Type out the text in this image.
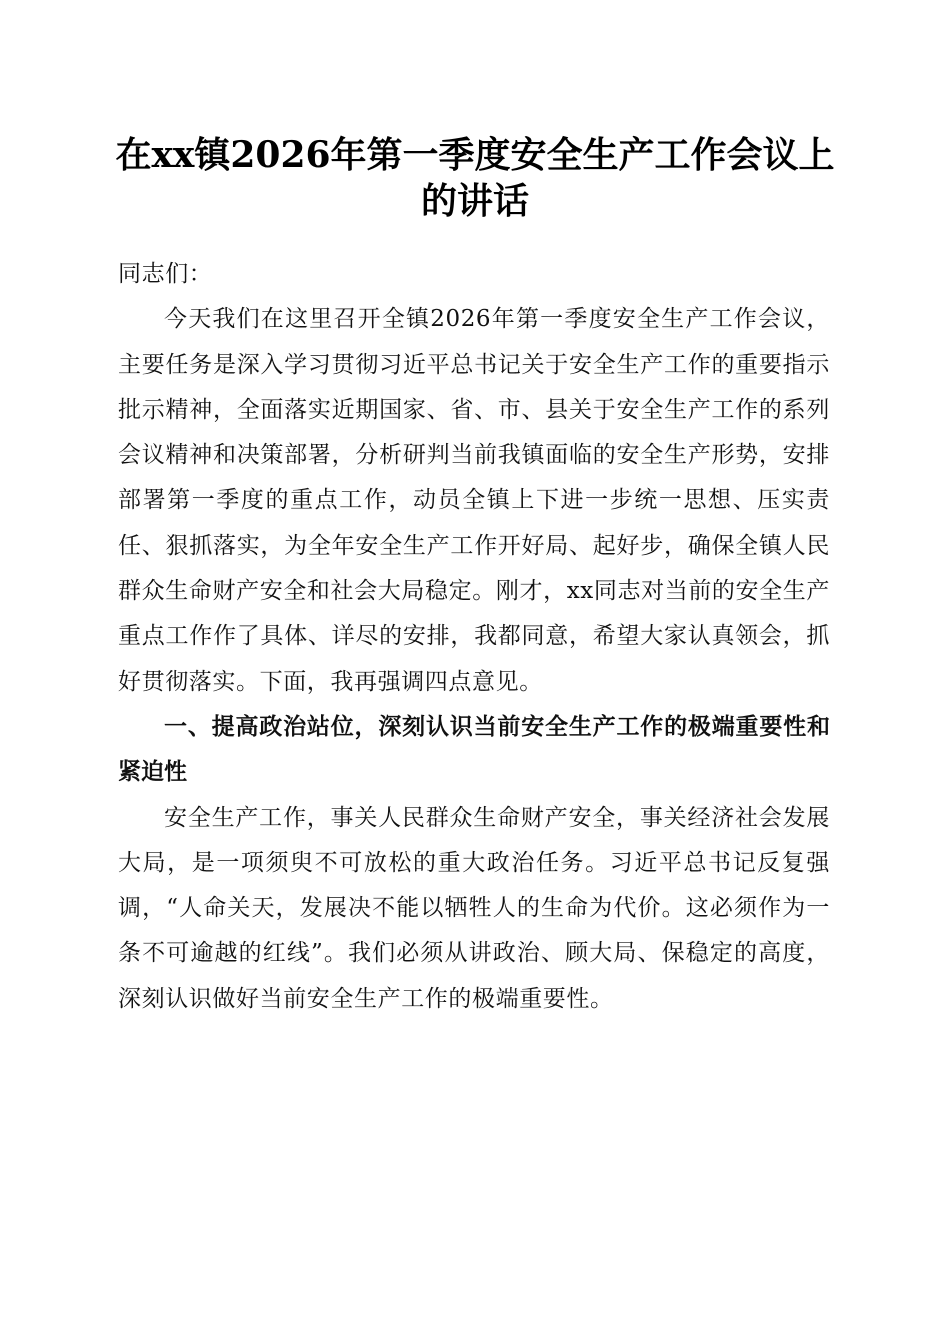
在xx镇2026年第一季度安全生产工作会议上的讲话

同志们：

今天我们在这里召开全镇2026年第一季度安全生产工作会议，主要任务是深入学习贯彻习近平总书记关于安全生产工作的重要指示批示精神，全面落实近期国家、省、市、县关于安全生产工作的系列会议精神和决策部署，分析研判当前我镇面临的安全生产形势，安排部署第一季度的重点工作，动员全镇上下进一步统一思想、压实责任、狠抓落实，为全年安全生产工作开好局、起好步，确保全镇人民群众生命财产安全和社会大局稳定。刚才，xx同志对当前的安全生产重点工作作了具体、详尽的安排，我都同意，希望大家认真领会，抓好贯彻落实。下面，我再强调四点意见。

一、提高政治站位，深刻认识当前安全生产工作的极端重要性和紧迫性

安全生产工作，事关人民群众生命财产安全，事关经济社会发展大局，是一项须臾不可放松的重大政治任务。习近平总书记反复强调，“人命关天，发展决不能以牺牲人的生命为代价。这必须作为一条不可逾越的红线”。我们必须从讲政治、顾大局、保稳定的高度，深刻认识做好当前安全生产工作的极端重要性。
